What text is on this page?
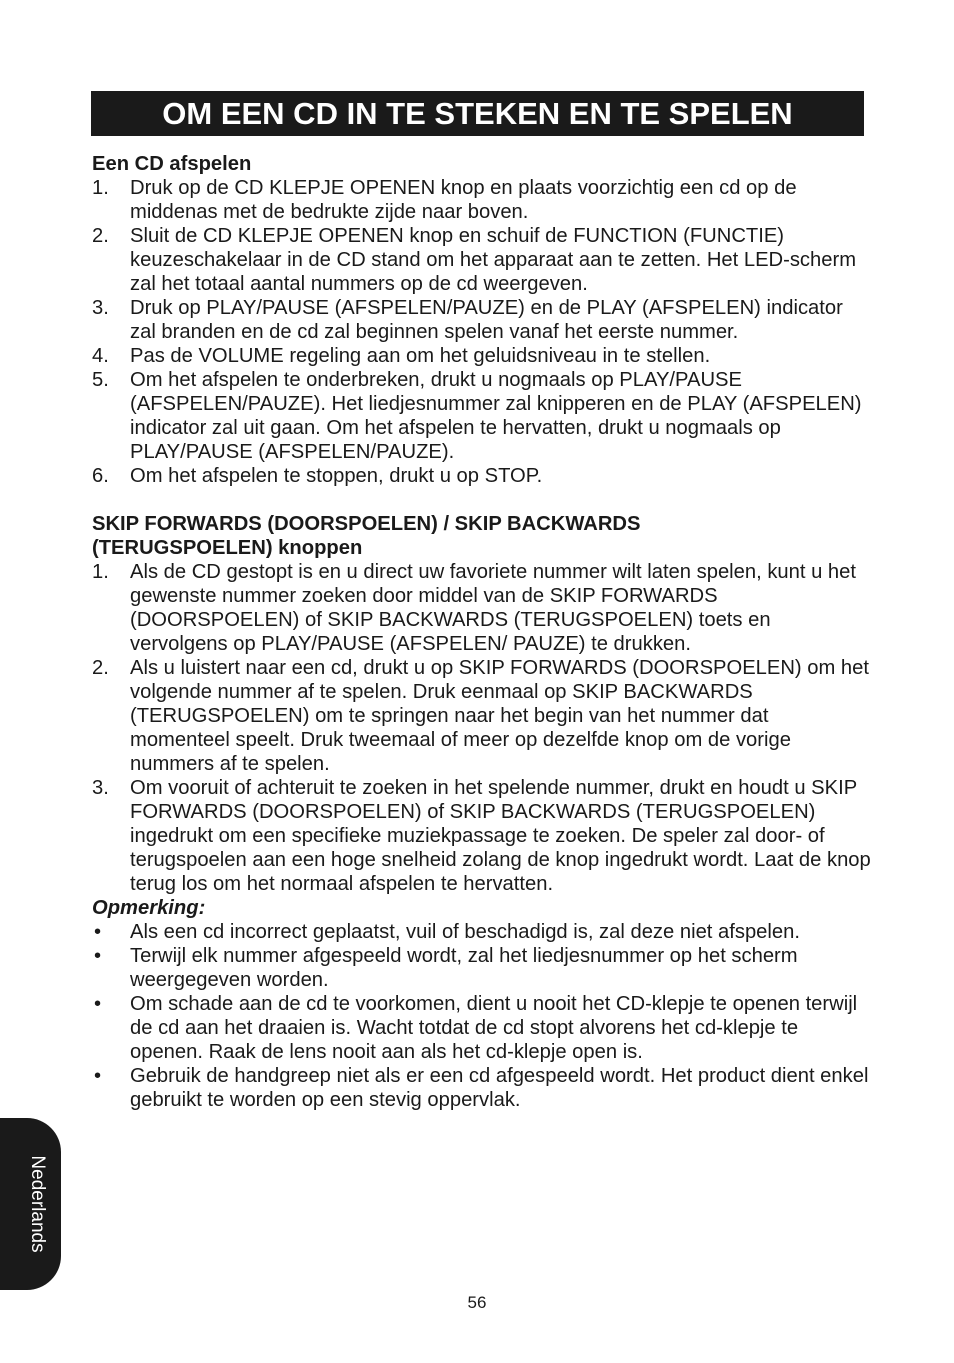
OM EEN CD IN TE STEKEN EN TE SPELEN

Een CD afspelen

1. Druk op de CD KLEPJE OPENEN knop en plaats voorzichtig een cd op de middenas met de bedrukte zijde naar boven.
2. Sluit de CD KLEPJE OPENEN knop en schuif de FUNCTION (FUNCTIE) keuzeschakelaar in de CD stand om het apparaat aan te zetten. Het LED-scherm zal het totaal aantal nummers op de cd weergeven.
3. Druk op PLAY/PAUSE (AFSPELEN/PAUZE) en de PLAY (AFSPELEN) indicator zal branden en de cd zal beginnen spelen vanaf het eerste nummer.
4. Pas de VOLUME regeling aan om het geluidsniveau in te stellen.
5. Om het afspelen te onderbreken, drukt u nogmaals op PLAY/PAUSE (AFSPELEN/PAUZE). Het liedjesnummer zal knipperen en de PLAY (AFSPELEN) indicator zal uit gaan. Om het afspelen te hervatten, drukt u nogmaals op PLAY/PAUSE (AFSPELEN/PAUZE).
6. Om het afspelen te stoppen, drukt u op STOP.

SKIP FORWARDS (DOORSPOELEN) / SKIP BACKWARDS
(TERUGSPOELEN) knoppen

1. Als de CD gestopt is en u direct uw favoriete nummer wilt laten spelen, kunt u het gewenste nummer zoeken door middel van de SKIP FORWARDS (DOORSPOELEN) of SKIP BACKWARDS (TERUGSPOELEN) toets en vervolgens op PLAY/PAUSE (AFSPELEN/ PAUZE) te drukken.
2. Als u luistert naar een cd, drukt u op SKIP FORWARDS (DOORSPOELEN) om het volgende nummer af te spelen. Druk eenmaal op SKIP BACKWARDS (TERUGSPOELEN) om te springen naar het begin van het nummer dat momenteel speelt. Druk tweemaal of meer op dezelfde knop om de vorige nummers af te spelen.
3. Om vooruit of achteruit te zoeken in het spelende nummer, drukt en houdt u SKIP FORWARDS (DOORSPOELEN) of SKIP BACKWARDS (TERUGSPOELEN) ingedrukt om een specifieke muziekpassage te zoeken. De speler zal door- of terugspoelen aan een hoge snelheid zolang de knop ingedrukt wordt. Laat de knop terug los om het normaal afspelen te hervatten.

Opmerking:

• Als een cd incorrect geplaatst, vuil of beschadigd is, zal deze niet afspelen.
• Terwijl elk nummer afgespeeld wordt, zal het liedjesnummer op het scherm weergegeven worden.
• Om schade aan de cd te voorkomen, dient u nooit het CD-klepje te openen terwijl de cd aan het draaien is. Wacht totdat de cd stopt alvorens het cd-klepje te openen. Raak de lens nooit aan als het cd-klepje open is.
• Gebruik de handgreep niet als er een cd afgespeeld wordt. Het product dient enkel gebruikt te worden op een stevig oppervlak.
Nederlands
56
